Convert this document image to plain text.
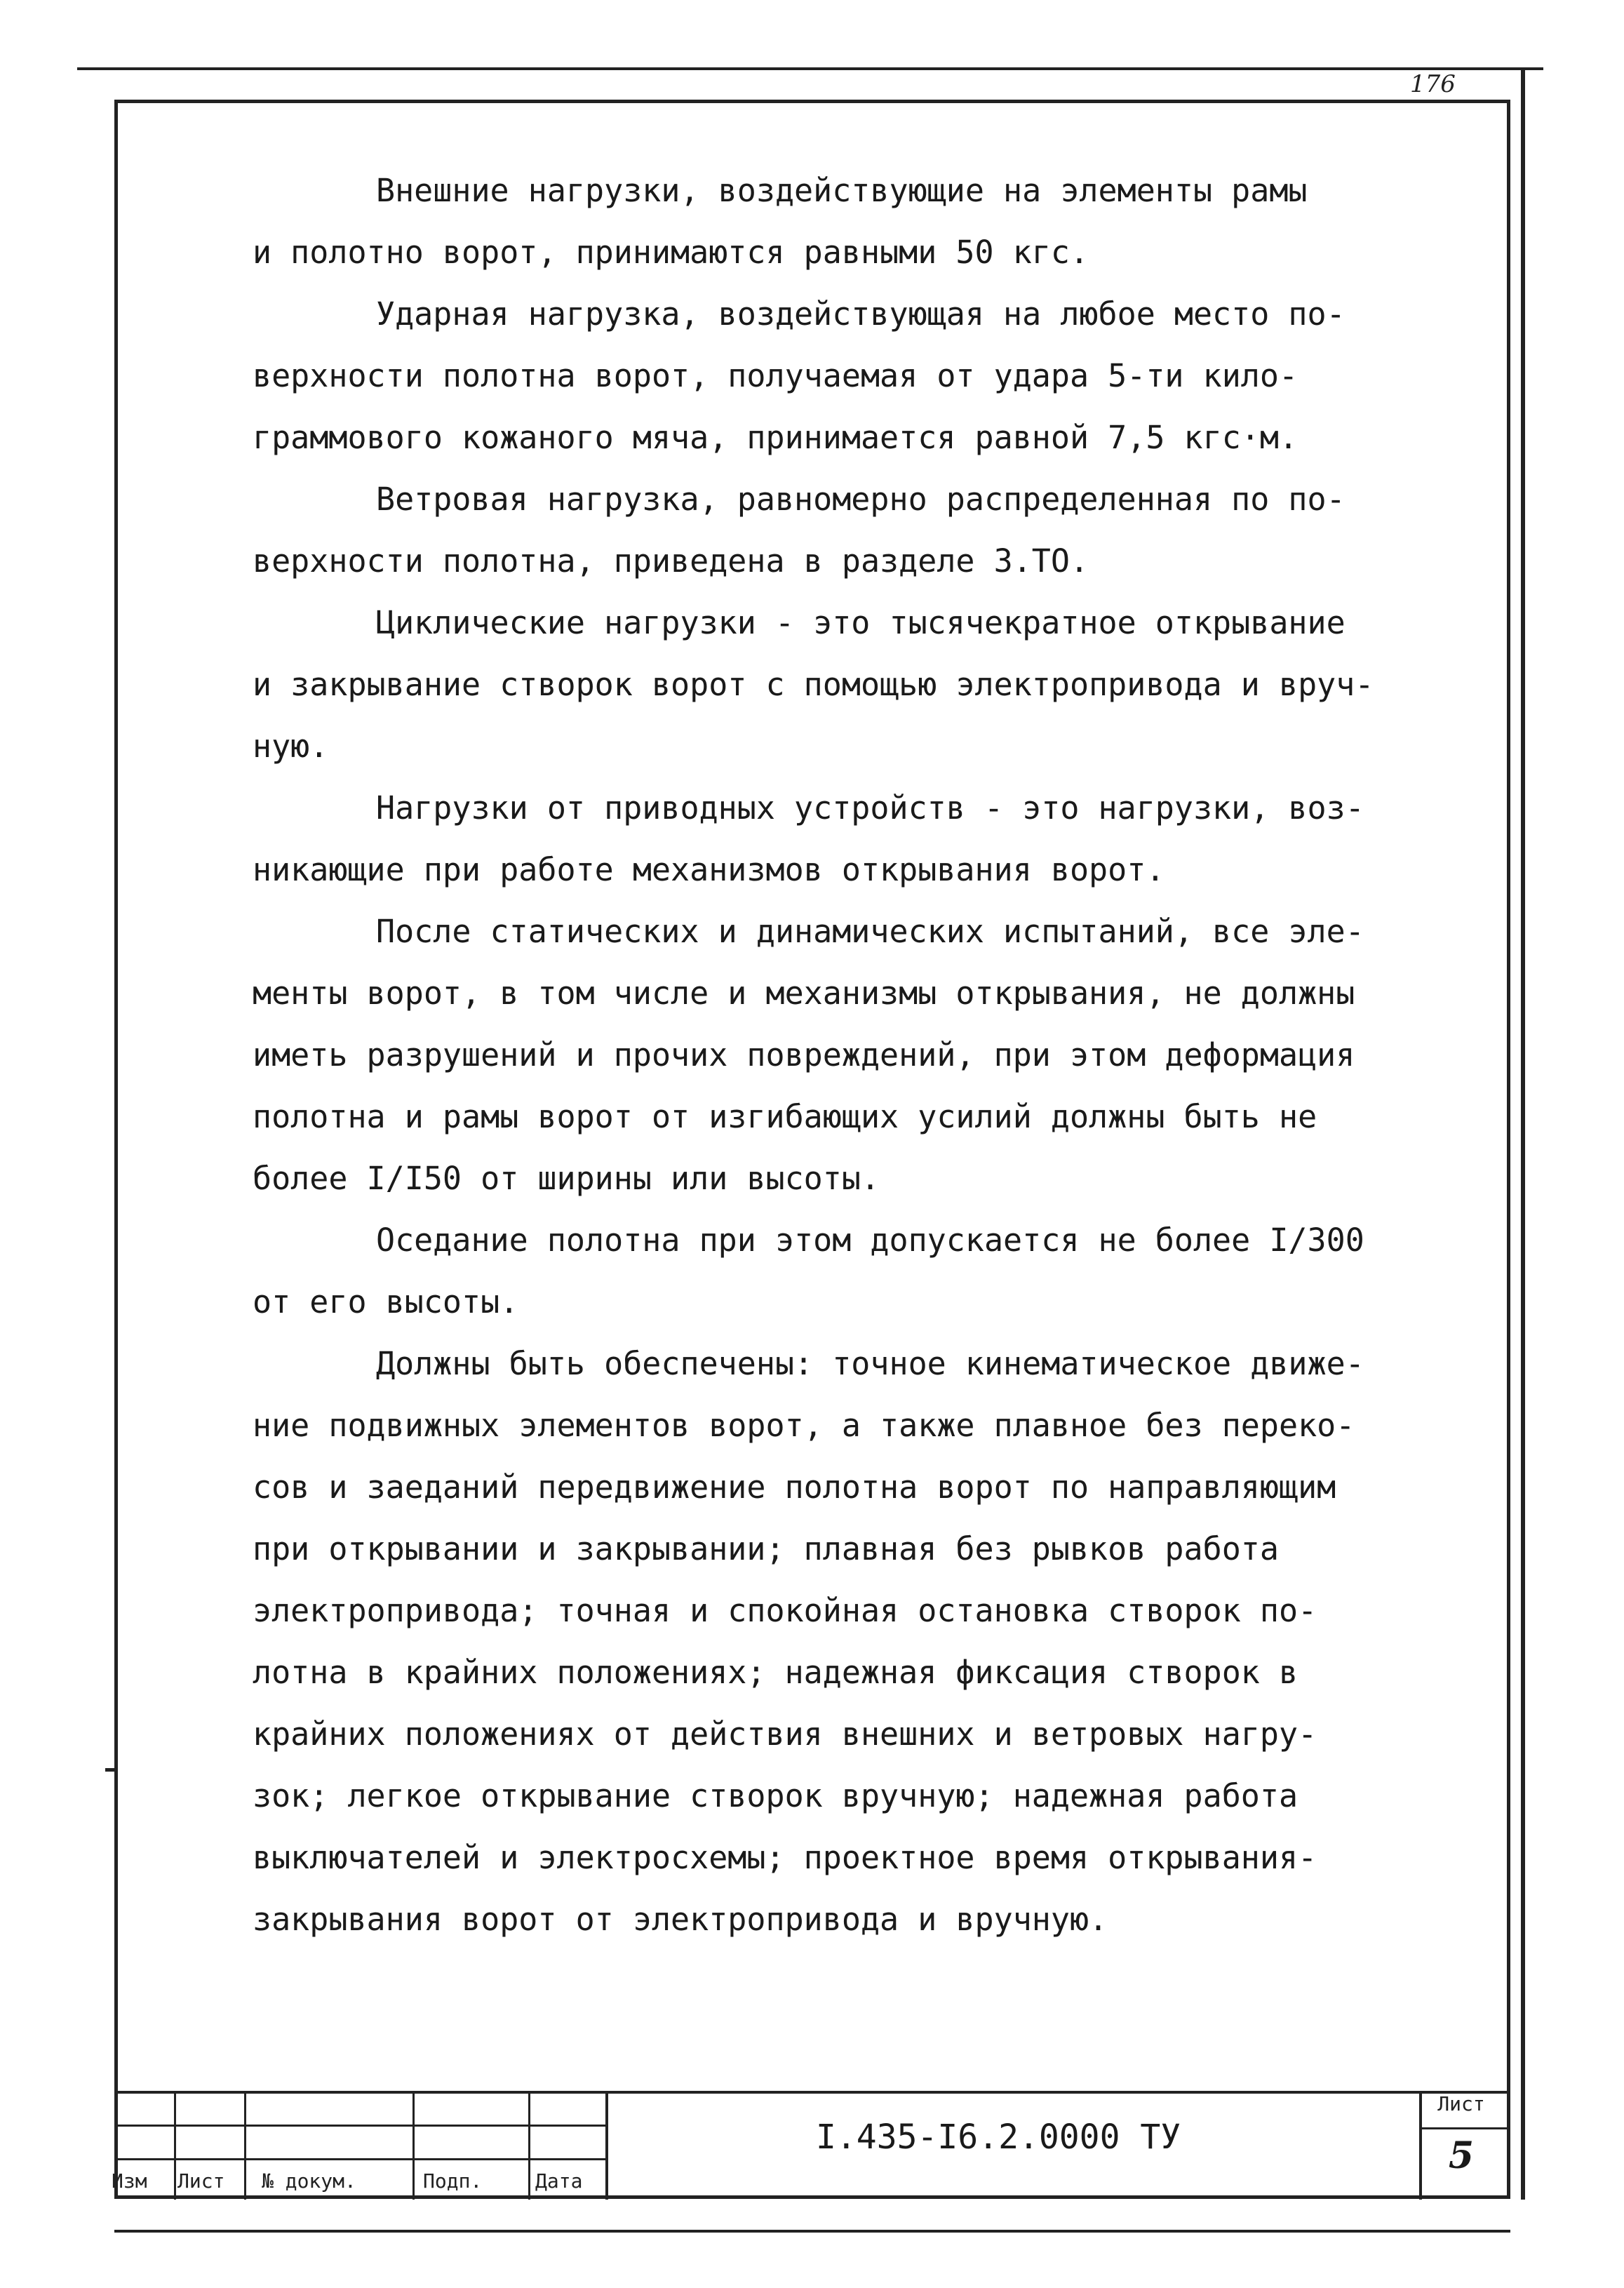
176
Внешние нагрузки, воздействующие на элементы рамы
и полотно ворот, принимаются равными 50 кгс.
Ударная нагрузка, воздействующая на любое место по-
верхности полотна ворот, получаемая от удара 5-ти кило-
граммового кожаного мяча, принимается равной 7,5 кгс·м.
Ветровая нагрузка, равномерно распределенная по по-
верхности полотна, приведена в разделе 3.ТО.
Циклические нагрузки - это тысячекратное открывание
и закрывание створок ворот с помощью электропривода и вруч-
ную.
Нагрузки от приводных устройств - это нагрузки, воз-
никающие при работе механизмов открывания ворот.
После статических и динамических испытаний, все эле-
менты ворот, в том числе и механизмы открывания, не должны
иметь разрушений и прочих повреждений, при этом деформация
полотна и рамы ворот от изгибающих усилий должны быть не
более I/I50 от ширины или высоты.
Оседание полотна при этом допускается не более I/300
от его высоты.
Должны быть обеспечены: точное кинематическое движе-
ние подвижных элементов ворот, а также плавное без переко-
сов и заеданий передвижение полотна ворот по направляющим
при открывании и закрывании; плавная без рывков работа
электропривода; точная и спокойная остановка створок по-
лотна в крайних положениях; надежная фиксация створок в
крайних положениях от действия внешних и ветровых нагру-
зок; легкое открывание створок вручную; надежная работа
выключателей и электросхемы; проектное время открывания-
закрывания ворот от электропривода и вручную.
Изм Лист № докум.	Подп.	Дата
I.435-I6.2.0000 ТУ
Лист
5
